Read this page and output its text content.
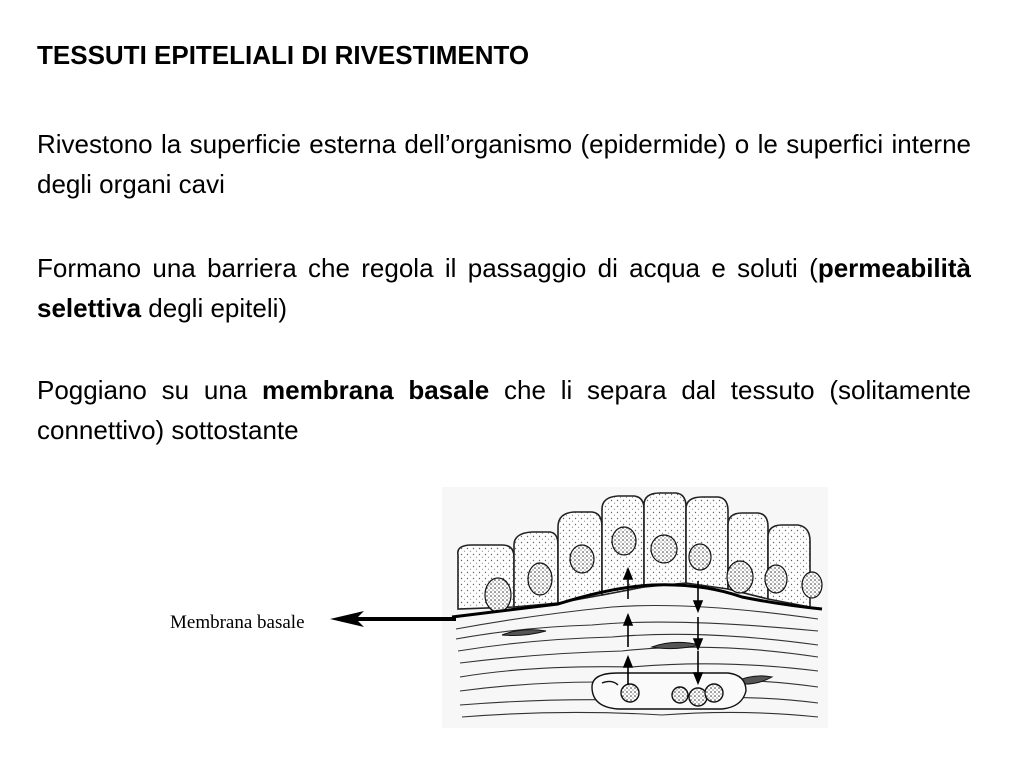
TESSUTI EPITELIALI DI RIVESTIMENTO

Rivestono la superficie esterna dell’organismo (epidermide) o le superfici interne degli organi cavi

Formano una barriera che regola il passaggio di acqua e soluti (permeabilità selettiva degli epiteli)

Poggiano su una membrana basale che li separa dal tessuto (solitamente connettivo) sottostante

Membrana basale
